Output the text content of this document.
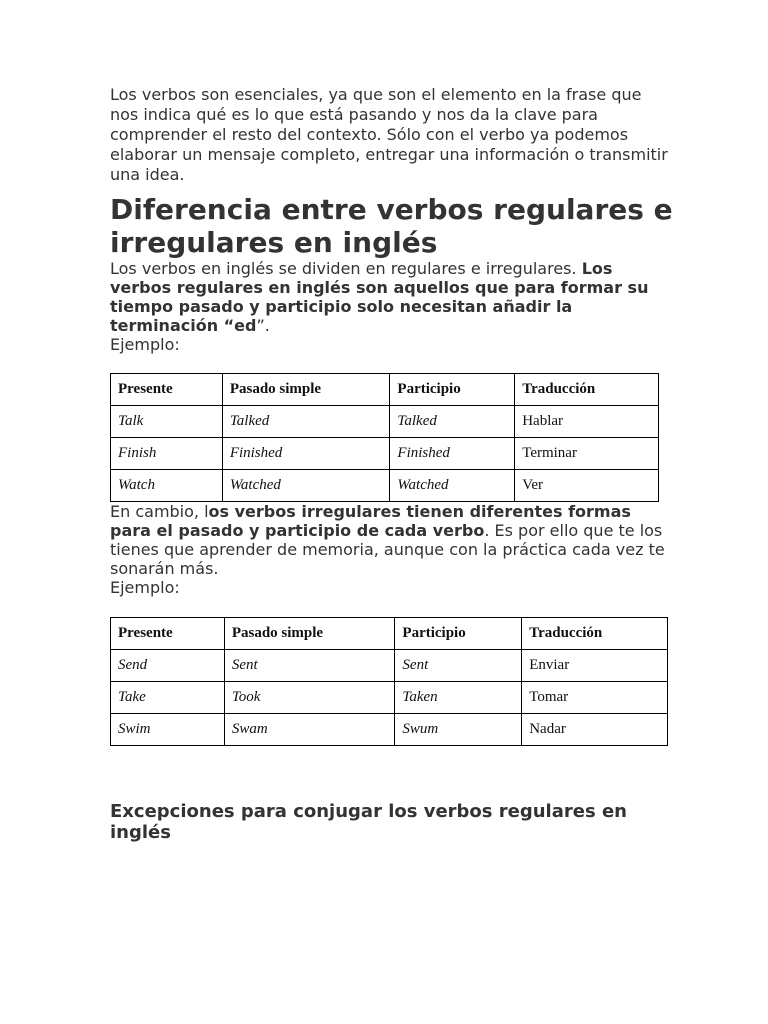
Los verbos son esenciales, ya que son el elemento en la frase que nos indica qué es lo que está pasando y nos da la clave para comprender el resto del contexto. Sólo con el verbo ya podemos elaborar un mensaje completo, entregar una información o transmitir una idea.

Diferencia entre verbos regulares e irregulares en inglés

Los verbos en inglés se dividen en regulares e irregulares. Los verbos regulares en inglés son aquellos que para formar su tiempo pasado y participio solo necesitan añadir la terminación “ed”.
Ejemplo:

Presente	Pasado simple	Participio	Traducción
Talk	Talked	Talked	Hablar
Finish	Finished	Finished	Terminar
Watch	Watched	Watched	Ver

En cambio, los verbos irregulares tienen diferentes formas para el pasado y participio de cada verbo. Es por ello que te los tienes que aprender de memoria, aunque con la práctica cada vez te sonarán más.
Ejemplo:

Presente	Pasado simple	Participio	Traducción
Send	Sent	Sent	Enviar
Take	Took	Taken	Tomar
Swim	Swam	Swum	Nadar
Excepciones para conjugar los verbos regulares en inglés
